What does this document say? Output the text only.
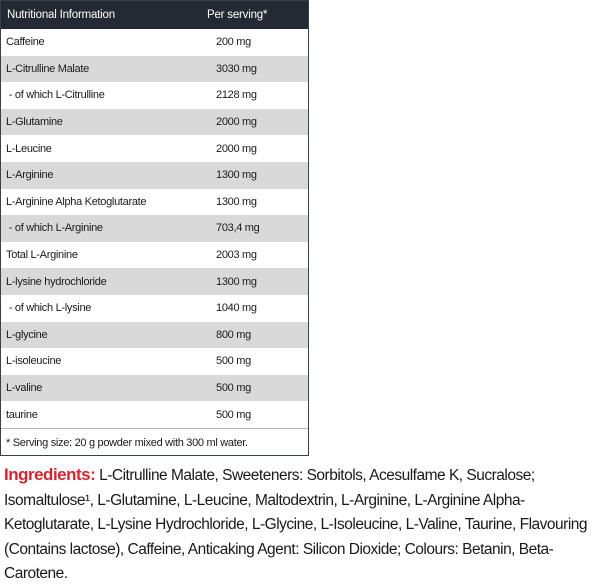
Nutritional Information	Per serving*
Caffeine	200 mg
L-Citrulline Malate	3030 mg
- of which L-Citrulline	2128 mg
L-Glutamine	2000 mg
L-Leucine	2000 mg
L-Arginine	1300 mg
L-Arginine Alpha Ketoglutarate	1300 mg
- of which L-Arginine	703,4 mg
Total L-Arginine	2003 mg
L-lysine hydrochloride	1300 mg
- of which L-lysine	1040 mg
L-glycine	800 mg
L-isoleucine	500 mg
L-valine	500 mg
taurine	500 mg
* Serving size: 20 g powder mixed with 300 ml water.
Ingredients: L-Citrulline Malate, Sweeteners: Sorbitols, Acesulfame K, Sucralose; Isomaltulose¹, L-Glutamine, L-Leucine, Maltodextrin, L-Arginine, L-Arginine Alpha-Ketoglutarate, L-Lysine Hydrochloride, L-Glycine, L-Isoleucine, L-Valine, Taurine, Flavouring (Contains lactose), Caffeine, Anticaking Agent: Silicon Dioxide; Colours: Betanin, Beta-Carotene.
